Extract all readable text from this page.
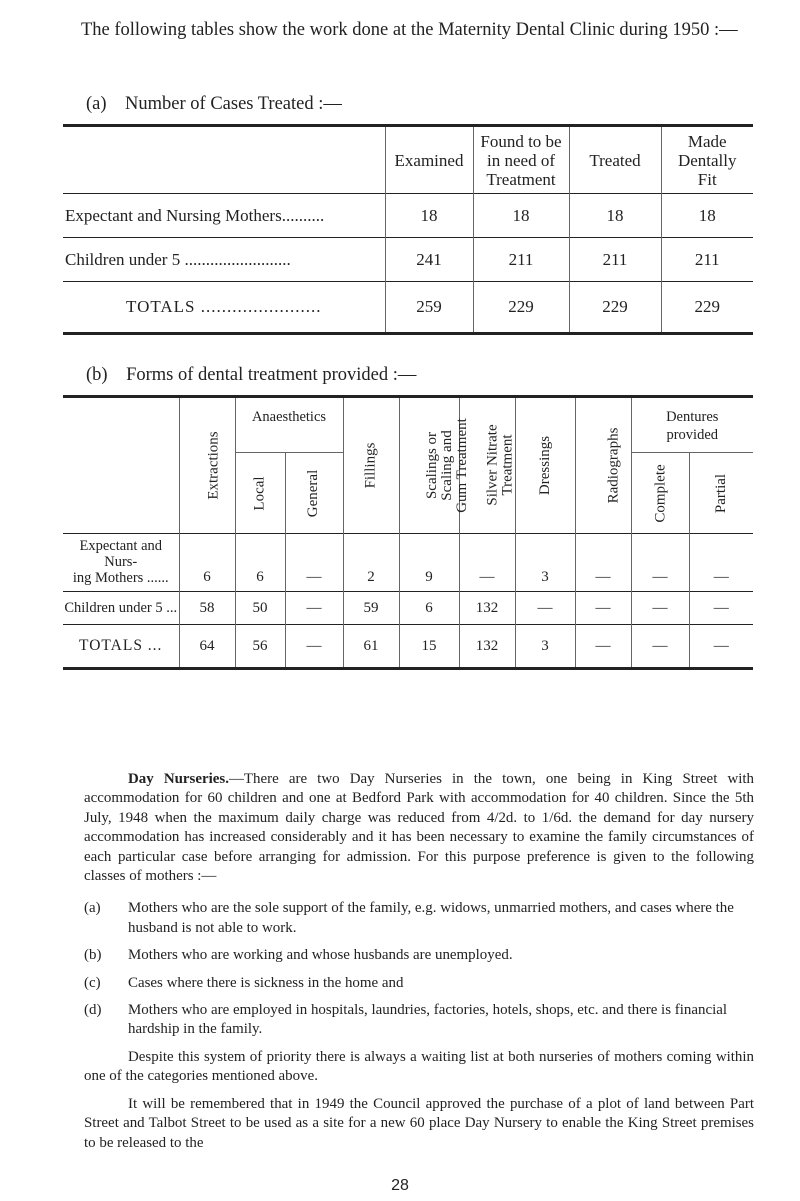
The following tables show the work done at the Maternity Dental Clinic during 1950 :—

(a) Number of Cases Treated :—

	Examined	Found to be
in need of
Treatment	Treated	Made
Dentally
Fit
Expectant and Nursing Mothers..........	18	18	18	18
Children under 5 .........................	241	211	211	211
TOTALS .......................	259	229	229	229

(b) Forms of dental treatment provided :—

	Extractions	Anaesthetics		Fillings	Scalings or
Scaling and
Gum Treatment	Silver Nitrate
Treatment	Dressings	Radiographs	Dentures
provided	
		Local	General						Complete	Partial
Expectant and Nurs-
ing Mothers ......	6	6	—	2	9	—	3	—	—	—
Children under 5 ...	58	50	—	59	6	132	—	—	—	—
TOTALS ...	64	56	—	61	15	132	3	—	—	—

Day Nurseries.—There are two Day Nurseries in the town, one being in King Street with accommodation for 60 children and one at Bedford Park with accommodation for 40 children. Since the 5th July, 1948 when the maximum daily charge was reduced from 4/2d. to 1/6d. the demand for day nursery accommodation has increased considerably and it has been necessary to examine the family circumstances of each particular case before arranging for admission. For this purpose preference is given to the following classes of mothers :—

(a) Mothers who are the sole support of the family, e.g. widows, unmarried mothers, and cases where the husband is not able to work.

(b) Mothers who are working and whose husbands are unemployed.

(c) Cases where there is sickness in the home and

(d) Mothers who are employed in hospitals, laundries, factories, hotels, shops, etc. and there is financial hardship in the family.

Despite this system of priority there is always a waiting list at both nurseries of mothers coming within one of the categories mentioned above.

28

It will be remembered that in 1949 the Council approved the purchase of a plot of land between Part Street and Talbot Street to be used as a site for a new 60 place Day Nursery to enable the King Street premises to be released to the
